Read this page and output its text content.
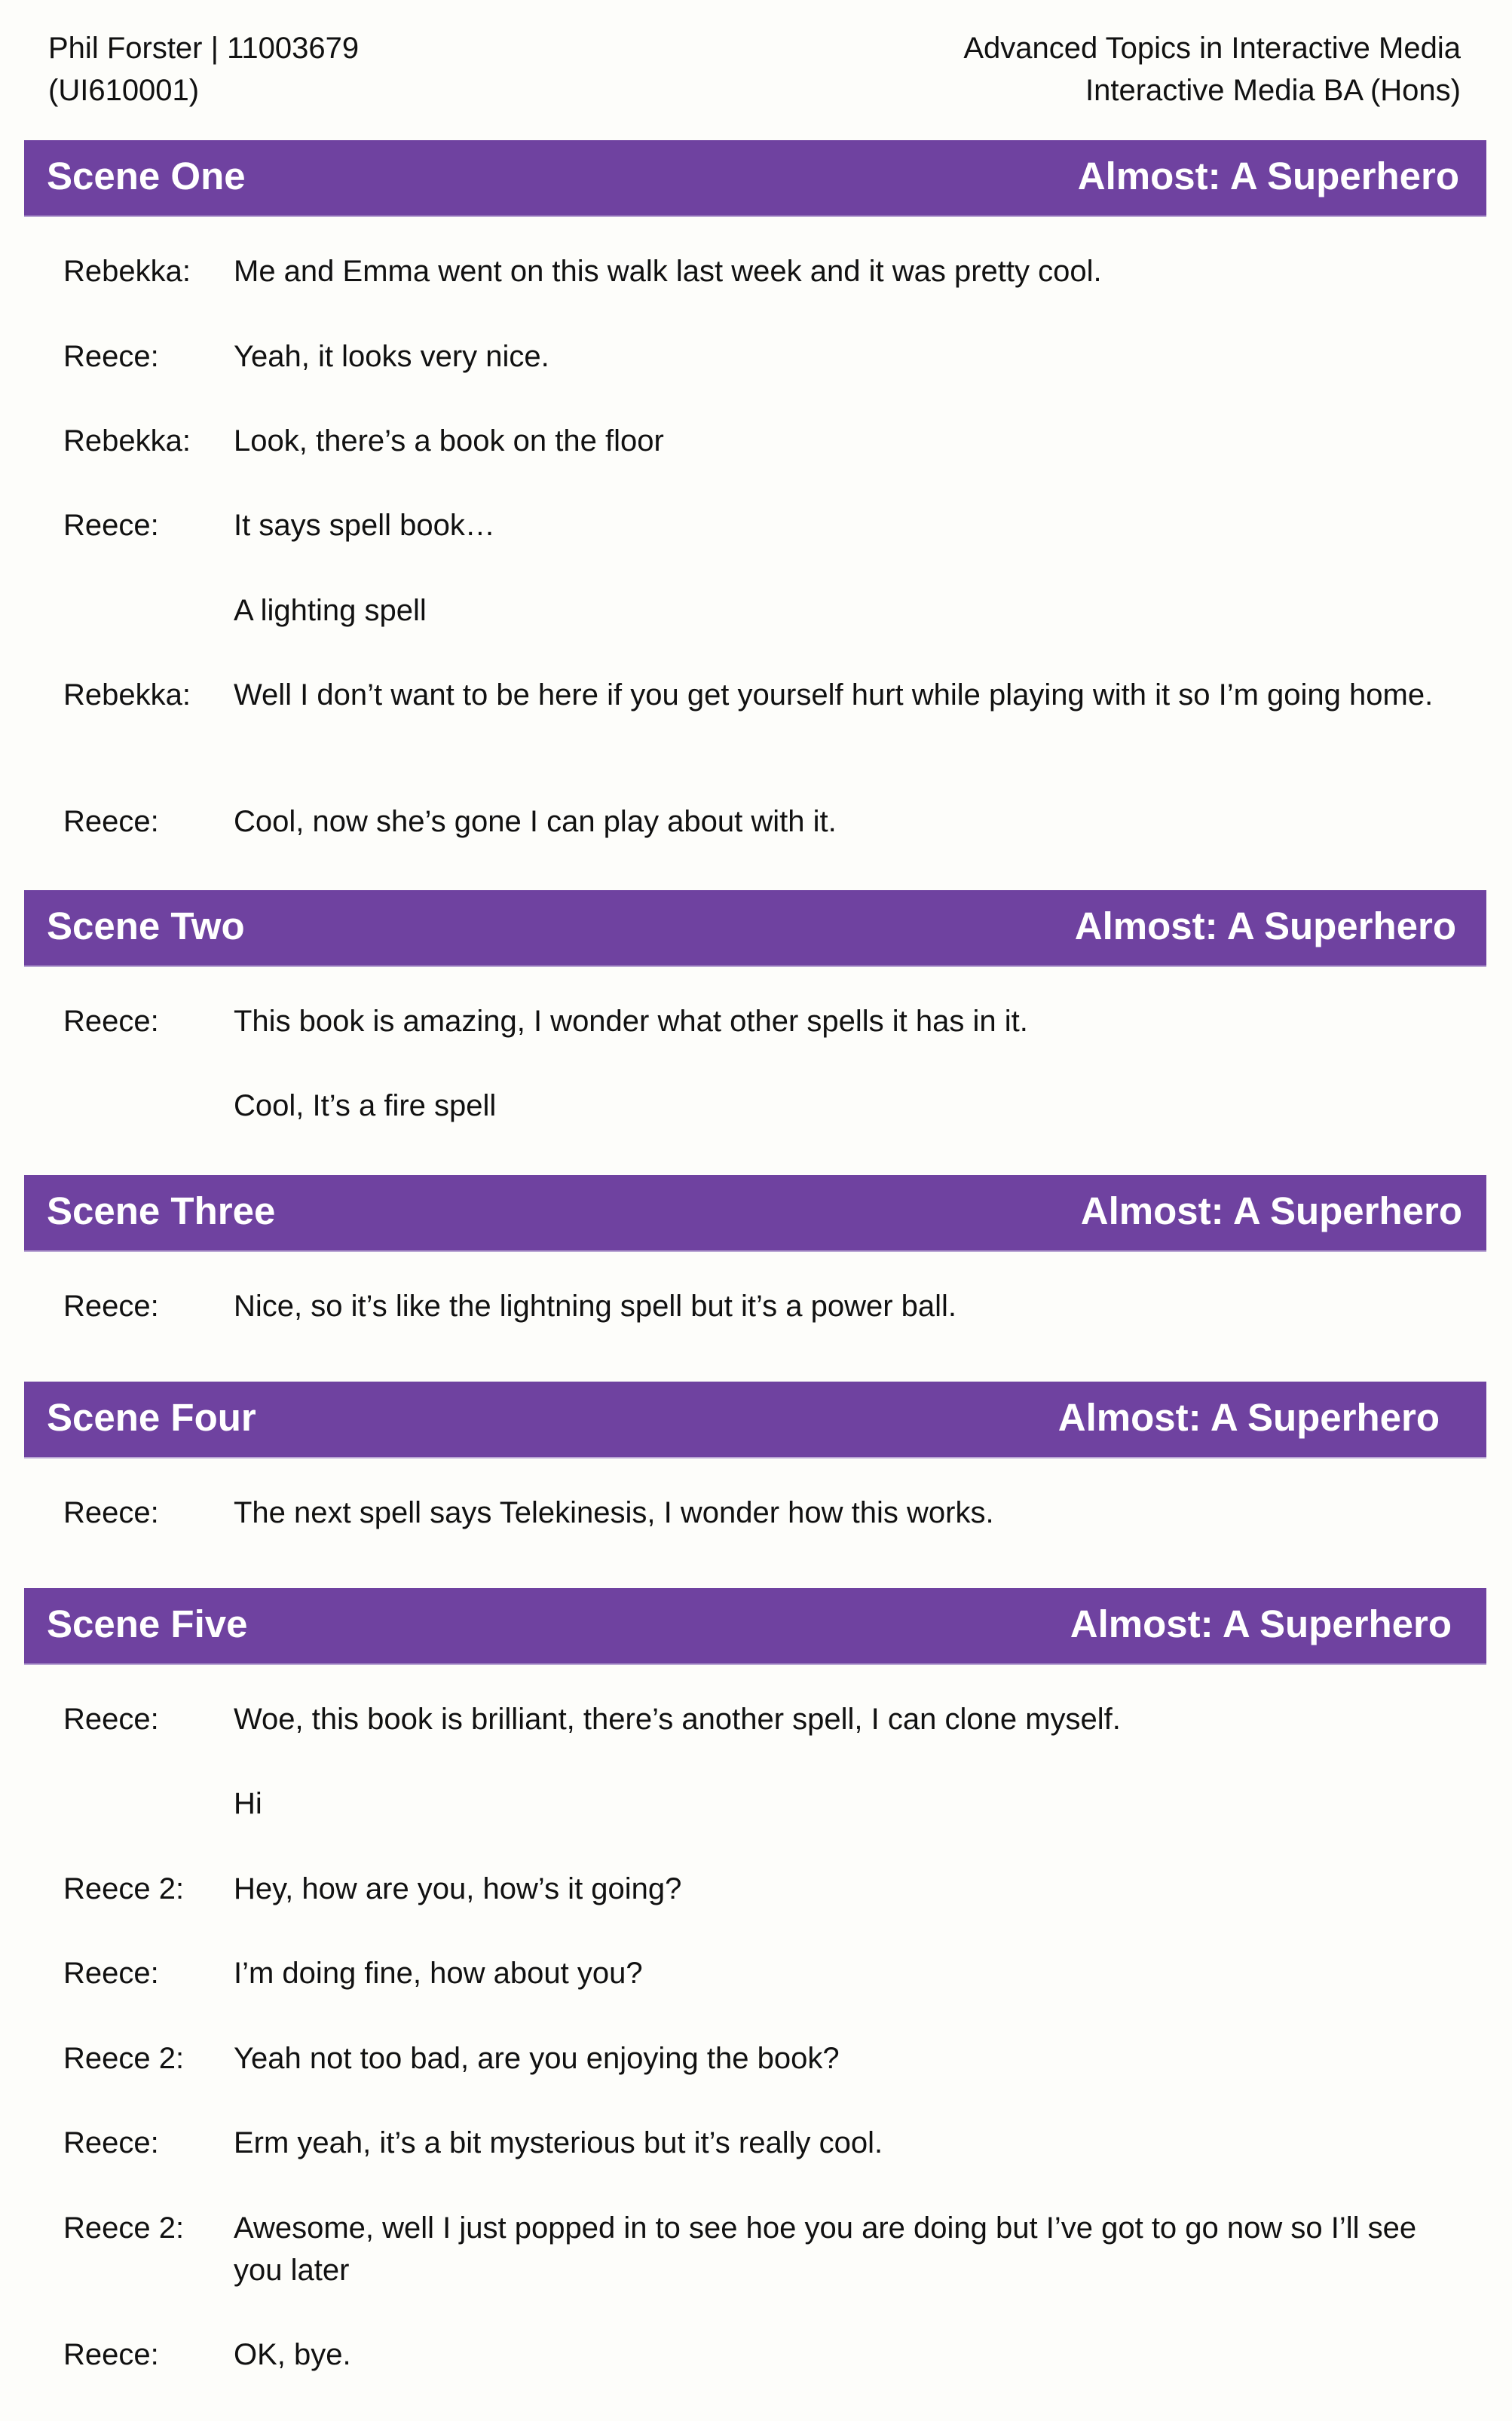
Phil Forster | 11003679
(UI610001)
Advanced Topics in Interactive Media
Interactive Media BA (Hons)
Scene One	Almost: A Superhero
Rebekka:	Me and Emma went on this walk last week and it was pretty cool.
Reece:	Yeah, it looks very nice.
Rebekka:	Look, there’s a book on the floor
Reece:	It says spell book…
A lighting spell
Rebekka:	Well I don’t want to be here if you get yourself hurt while playing with it so I’m going home.
Reece:	Cool, now she’s gone I can play about with it.
Scene Two	Almost: A Superhero
Reece:	This book is amazing, I wonder what other spells it has in it.
Cool, It’s a fire spell
Scene Three	Almost: A Superhero
Reece:	Nice, so it’s like the lightning spell but it’s a power ball.
Scene Four	Almost: A Superhero
Reece:	The next spell says Telekinesis, I wonder how this works.
Scene Five	Almost: A Superhero
Reece:	Woe, this book is brilliant, there’s another spell, I can clone myself.
Hi
Reece 2:	Hey, how are you, how’s it going?
Reece:	I’m doing fine, how about you?
Reece 2:	Yeah not too bad, are you enjoying the book?
Reece:	Erm yeah, it’s a bit mysterious but it’s really cool.
Reece 2:	Awesome, well I just popped in to see hoe you are doing but I’ve got to go now so I’ll see you later
Reece:	OK, bye.
